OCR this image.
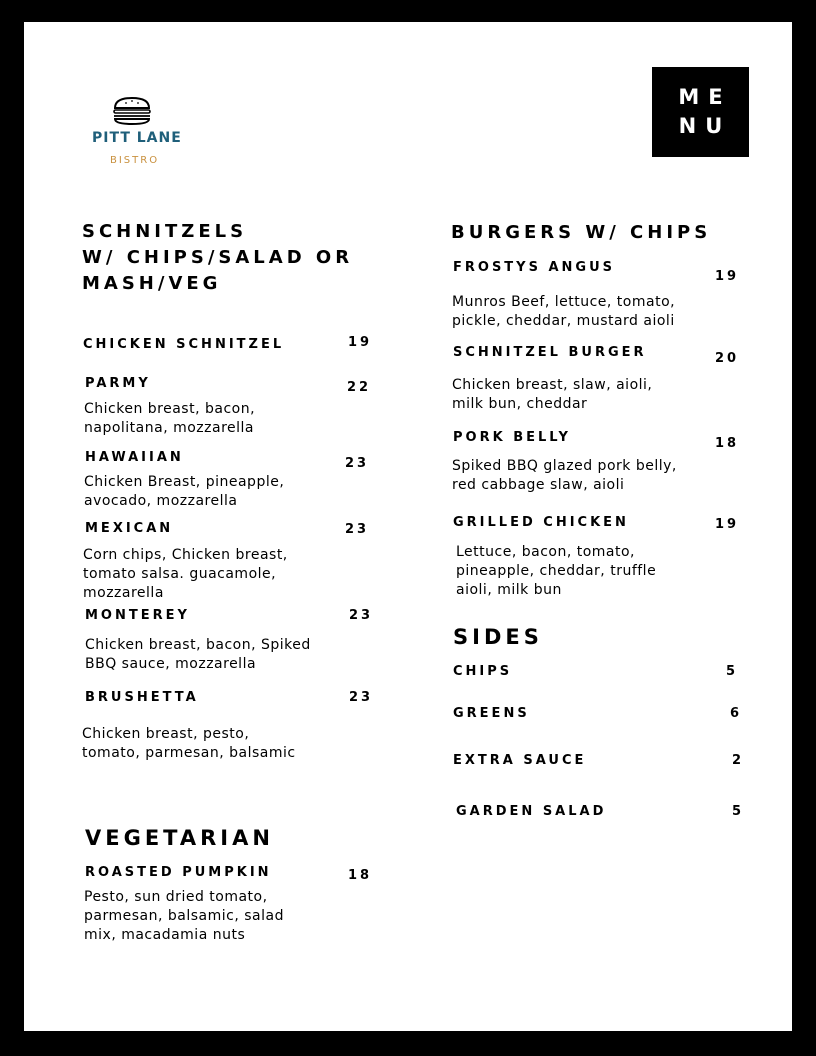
PITT LANE
BISTRO
ME
NU
SCHNITZELS
W/ CHIPS/SALAD OR
MASH/VEG
CHICKEN SCHNITZEL	19
PARMY	22
Chicken breast, bacon,
napolitana, mozzarella
HAWAIIAN	23
Chicken Breast, pineapple,
avocado, mozzarella
MEXICAN	23
Corn chips, Chicken breast,
tomato salsa. guacamole,
mozzarella
MONTEREY	23
Chicken breast, bacon, Spiked
BBQ sauce, mozzarella
BRUSHETTA	23
Chicken breast, pesto,
tomato, parmesan, balsamic
VEGETARIAN
ROASTED PUMPKIN	18
Pesto, sun dried tomato,
parmesan, balsamic, salad
mix, macadamia nuts
BURGERS W/ CHIPS
FROSTYS ANGUS
19
Munros Beef, lettuce, tomato,
pickle, cheddar, mustard aioli
SCHNITZEL BURGER	20
Chicken breast, slaw, aioli,
milk bun, cheddar
PORK BELLY	18
Spiked BBQ glazed pork belly,
red cabbage slaw, aioli
GRILLED CHICKEN	19
Lettuce, bacon, tomato,
pineapple, cheddar, truffle
aioli, milk bun
SIDES
CHIPS	5
GREENS	6
EXTRA SAUCE	2
GARDEN SALAD	5
